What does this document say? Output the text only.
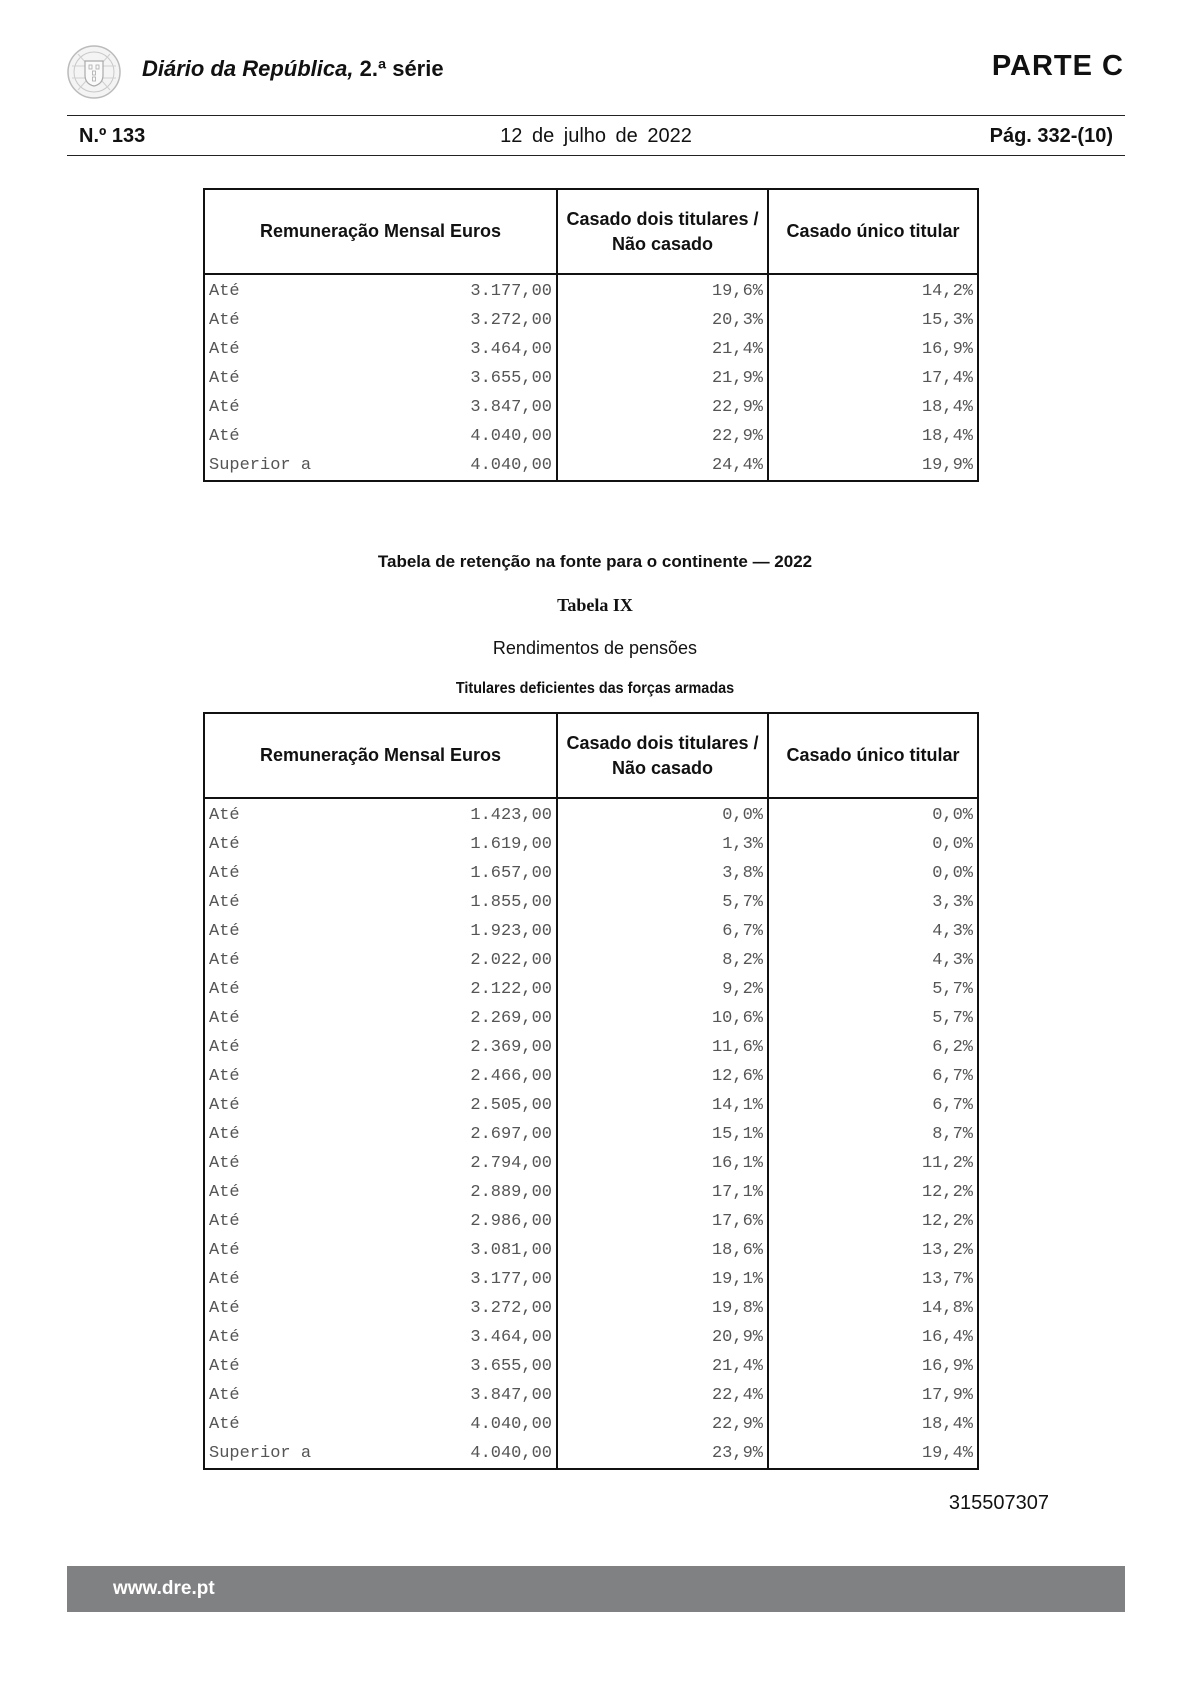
Diário da República, 2.ª série	PARTE C
N.º 133	12 de julho de 2022	Pág. 332-(10)
Remuneração Mensal Euros	Casado dois titulares / Não casado	Casado único titular

Até 3.177,00	19,6%	14,2%

Até 3.272,00	20,3%	15,3%

Até 3.464,00	21,4%	16,9%

Até 3.655,00	21,9%	17,4%

Até 3.847,00	22,9%	18,4%

Até 4.040,00	22,9%	18,4%

Superior a 4.040,00	24,4%	19,9%
Tabela de retenção na fonte para o continente — 2022
Tabela IX
Rendimentos de pensões
Titulares deficientes das forças armadas
Remuneração Mensal Euros	Casado dois titulares / Não casado	Casado único titular

Até 1.423,00	0,0%	0,0%

Até 1.619,00	1,3%	0,0%

Até 1.657,00	3,8%	0,0%

Até 1.855,00	5,7%	3,3%

Até 1.923,00	6,7%	4,3%

Até 2.022,00	8,2%	4,3%

Até 2.122,00	9,2%	5,7%

Até 2.269,00	10,6%	5,7%

Até 2.369,00	11,6%	6,2%

Até 2.466,00	12,6%	6,7%

Até 2.505,00	14,1%	6,7%

Até 2.697,00	15,1%	8,7%

Até 2.794,00	16,1%	11,2%

Até 2.889,00	17,1%	12,2%

Até 2.986,00	17,6%	12,2%

Até 3.081,00	18,6%	13,2%

Até 3.177,00	19,1%	13,7%

Até 3.272,00	19,8%	14,8%

Até 3.464,00	20,9%	16,4%

Até 3.655,00	21,4%	16,9%

Até 3.847,00	22,4%	17,9%

Até 4.040,00	22,9%	18,4%

Superior a 4.040,00	23,9%	19,4%
315507307
www.dre.pt
